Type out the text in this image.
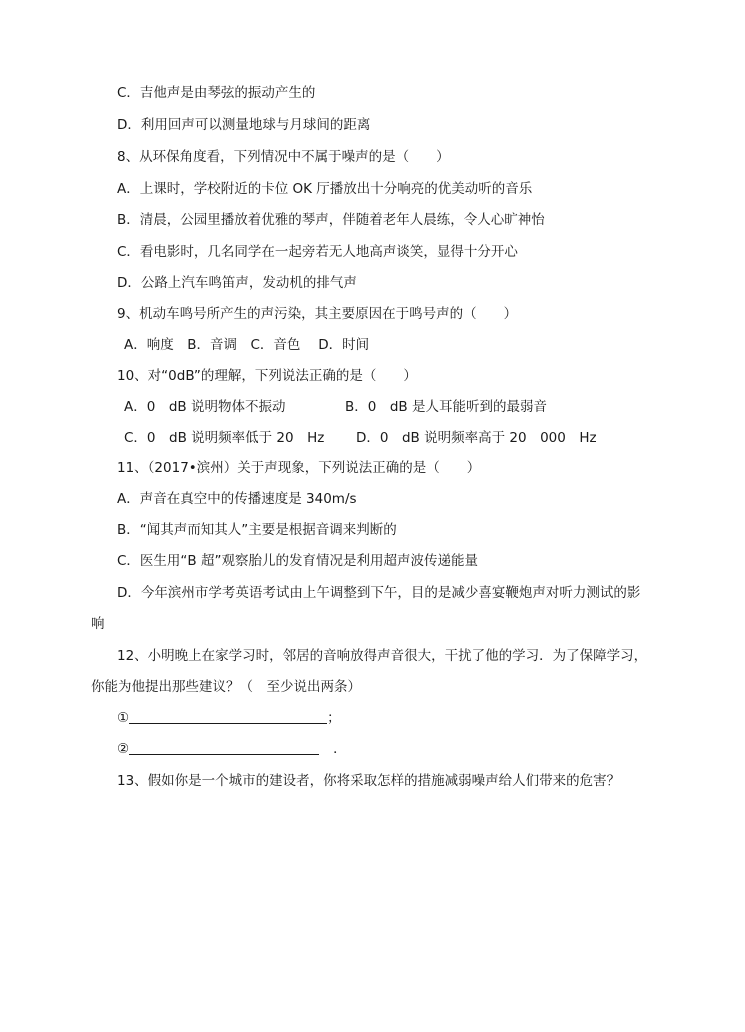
C．吉他声是由琴弦的振动产生的
D．利用回声可以测量地球与月球间的距离
8、从环保角度看，下列情况中不属于噪声的是（　　）
A．上课时，学校附近的卡位 OK 厅播放出十分响亮的优美动听的音乐
B．清晨，公园里播放着优雅的琴声，伴随着老年人晨练，令人心旷神怡
C．看电影时，几名同学在一起旁若无人地高声谈笑，显得十分开心
D．公路上汽车鸣笛声，发动机的排气声
9、机动车鸣号所产生的声污染，其主要原因在于鸣号声的（　　）
A．响度　B．音调　C．音色　 D．时间
10、对“0dB”的理解，下列说法正确的是（　　）
A．0　dB 说明物体不振动	B．0　dB 是人耳能听到的最弱音
C．0　dB 说明频率低于 20　Hz D．0　dB 说明频率高于 20　000　Hz
11、（2017•滨州）关于声现象，下列说法正确的是（　　）
A．声音在真空中的传播速度是 340m/s
B．“闻其声而知其人”主要是根据音调来判断的
C．医生用“B 超”观察胎儿的发育情况是利用超声波传递能量
D．今年滨州市学考英语考试由上午调整到下午，目的是减少喜宴鞭炮声对听力测试的影
响
12、小明晚上在家学习时，邻居的音响放得声音很大，干扰了他的学习．为了保障学习，
你能为他提出那些建议？（　至少说出两条）
①	；
②	．
13、假如你是一个城市的建设者，你将采取怎样的措施减弱噪声给人们带来的危害？
